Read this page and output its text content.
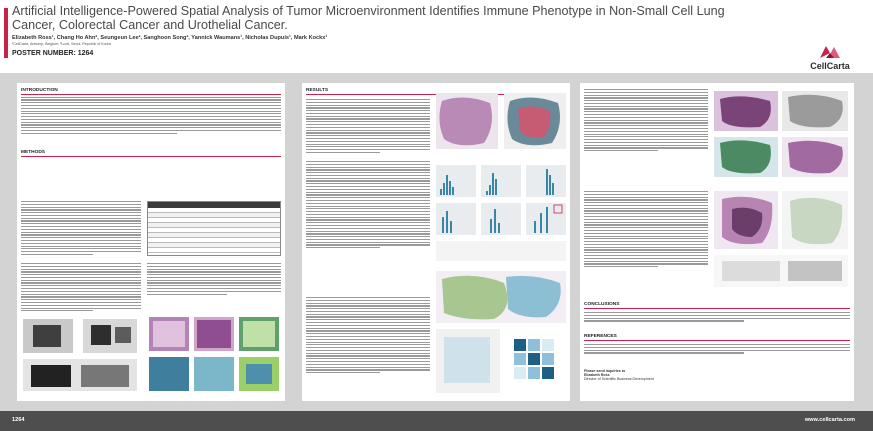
Artificial Intelligence-Powered Spatial Analysis of Tumor Microenvironment Identifies Immune Phenotype in Non-Small Cell Lung Cancer, Colorectal Cancer and Urothelial Cancer.
Elizabeth Ross¹, Chang Ho Ahn², Seungeun Lee², Sanghoon Song², Yannick Waumans¹, Nicholas Dupuis¹, Mark Kockx¹
¹CellCarta, Antwerp, Belgium; ²Lunit, Seoul, Republic of Korea
POSTER NUMBER: 1264
CellCarta
INTRODUCTION
METHODS
RESULTS
CONCLUSIONS
REFERENCES
Please send inquiries to
Elizabeth Ross
Director of Scientific Business Development
1264	www.cellcarta.com
